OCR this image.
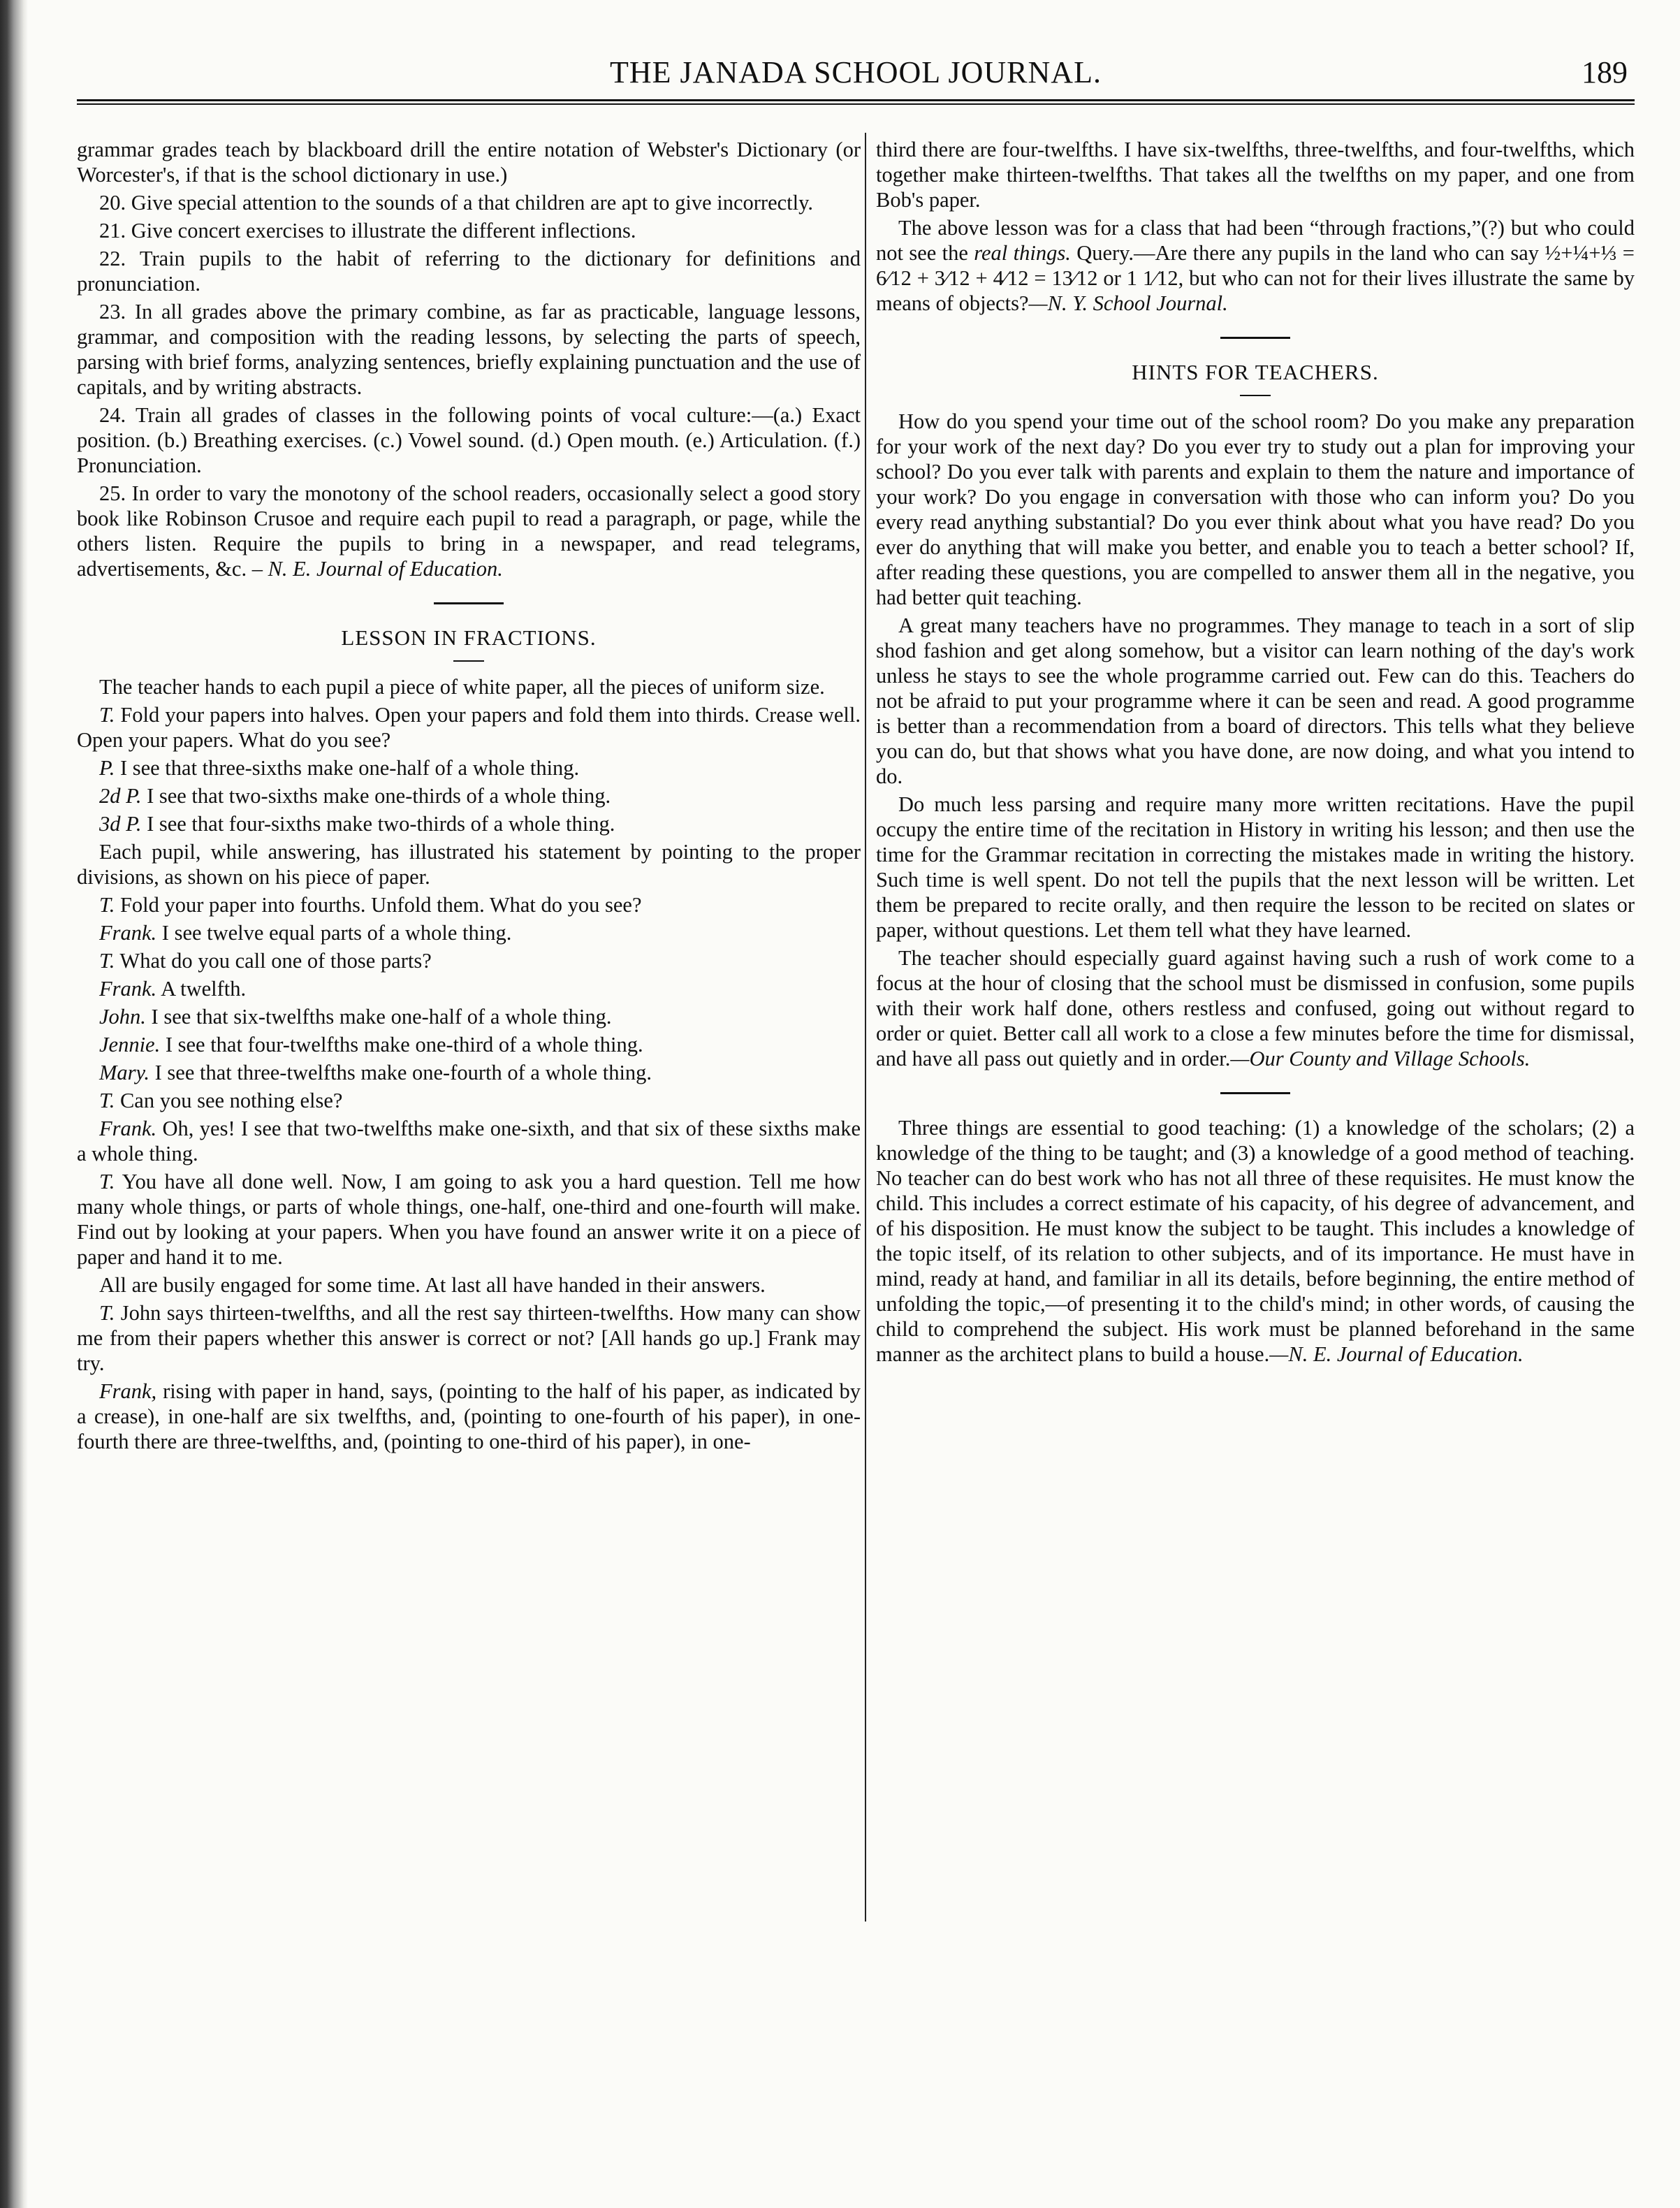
THE JANADA SCHOOL JOURNAL.	189

grammar grades teach by blackboard drill the entire notation of Webster's Dictionary (or Worcester's, if that is the school dictionary in use.)

20. Give special attention to the sounds of a that children are apt to give incorrectly.

21. Give concert exercises to illustrate the different inflections.

22. Train pupils to the habit of referring to the dictionary for definitions and pronunciation.

23. In all grades above the primary combine, as far as practicable, language lessons, grammar, and composition with the reading lessons, by selecting the parts of speech, parsing with brief forms, analyzing sentences, briefly explaining punctuation and the use of capitals, and by writing abstracts.

24. Train all grades of classes in the following points of vocal culture:—(a.) Exact position. (b.) Breathing exercises. (c.) Vowel sound. (d.) Open mouth. (e.) Articulation. (f.) Pronunciation.

25. In order to vary the monotony of the school readers, occasionally select a good story book like Robinson Crusoe and require each pupil to read a paragraph, or page, while the others listen. Require the pupils to bring in a newspaper, and read telegrams, advertisements, &c. – N. E. Journal of Education.

LESSON IN FRACTIONS.

The teacher hands to each pupil a piece of white paper, all the pieces of uniform size.

T. Fold your papers into halves. Open your papers and fold them into thirds. Crease well. Open your papers. What do you see?

P. I see that three-sixths make one-half of a whole thing.

2d P. I see that two-sixths make one-thirds of a whole thing.

3d P. I see that four-sixths make two-thirds of a whole thing.

Each pupil, while answering, has illustrated his statement by pointing to the proper divisions, as shown on his piece of paper.

T. Fold your paper into fourths. Unfold them. What do you see?

Frank. I see twelve equal parts of a whole thing.

T. What do you call one of those parts?

Frank. A twelfth.

John. I see that six-twelfths make one-half of a whole thing.

Jennie. I see that four-twelfths make one-third of a whole thing.

Mary. I see that three-twelfths make one-fourth of a whole thing.

T. Can you see nothing else?

Frank. Oh, yes! I see that two-twelfths make one-sixth, and that six of these sixths make a whole thing.

T. You have all done well. Now, I am going to ask you a hard question. Tell me how many whole things, or parts of whole things, one-half, one-third and one-fourth will make. Find out by looking at your papers. When you have found an answer write it on a piece of paper and hand it to me.

All are busily engaged for some time. At last all have handed in their answers.

T. John says thirteen-twelfths, and all the rest say thirteen-twelfths. How many can show me from their papers whether this answer is correct or not? [All hands go up.] Frank may try.

Frank, rising with paper in hand, says, (pointing to the half of his paper, as indicated by a crease), in one-half are six twelfths, and, (pointing to one-fourth of his paper), in one-fourth there are three-twelfths, and, (pointing to one-third of his paper), in one-

third there are four-twelfths. I have six-twelfths, three-twelfths, and four-twelfths, which together make thirteen-twelfths. That takes all the twelfths on my paper, and one from Bob's paper.

The above lesson was for a class that had been “through fractions,”(?) but who could not see the real things. Query.—Are there any pupils in the land who can say ½+¼+⅓ = 6⁄12 + 3⁄12 + 4⁄12 = 13⁄12 or 1 1⁄12, but who can not for their lives illustrate the same by means of objects?—N. Y. School Journal.

HINTS FOR TEACHERS.

How do you spend your time out of the school room? Do you make any preparation for your work of the next day? Do you ever try to study out a plan for improving your school? Do you ever talk with parents and explain to them the nature and importance of your work? Do you engage in conversation with those who can inform you? Do you every read anything substantial? Do you ever think about what you have read? Do you ever do anything that will make you better, and enable you to teach a better school? If, after reading these questions, you are compelled to answer them all in the negative, you had better quit teaching.

A great many teachers have no programmes. They manage to teach in a sort of slip shod fashion and get along somehow, but a visitor can learn nothing of the day's work unless he stays to see the whole programme carried out. Few can do this. Teachers do not be afraid to put your programme where it can be seen and read. A good programme is better than a recommendation from a board of directors. This tells what they believe you can do, but that shows what you have done, are now doing, and what you intend to do.

Do much less parsing and require many more written recitations. Have the pupil occupy the entire time of the recitation in History in writing his lesson; and then use the time for the Grammar recitation in correcting the mistakes made in writing the history. Such time is well spent. Do not tell the pupils that the next lesson will be written. Let them be prepared to recite orally, and then require the lesson to be recited on slates or paper, without questions. Let them tell what they have learned.

The teacher should especially guard against having such a rush of work come to a focus at the hour of closing that the school must be dismissed in confusion, some pupils with their work half done, others restless and confused, going out without regard to order or quiet. Better call all work to a close a few minutes before the time for dismissal, and have all pass out quietly and in order.—Our County and Village Schools.

Three things are essential to good teaching: (1) a knowledge of the scholars; (2) a knowledge of the thing to be taught; and (3) a knowledge of a good method of teaching. No teacher can do best work who has not all three of these requisites. He must know the child. This includes a correct estimate of his capacity, of his degree of advancement, and of his disposition. He must know the subject to be taught. This includes a knowledge of the topic itself, of its relation to other subjects, and of its importance. He must have in mind, ready at hand, and familiar in all its details, before beginning, the entire method of unfolding the topic,—of presenting it to the child's mind; in other words, of causing the child to comprehend the subject. His work must be planned beforehand in the same manner as the architect plans to build a house.—N. E. Journal of Education.
